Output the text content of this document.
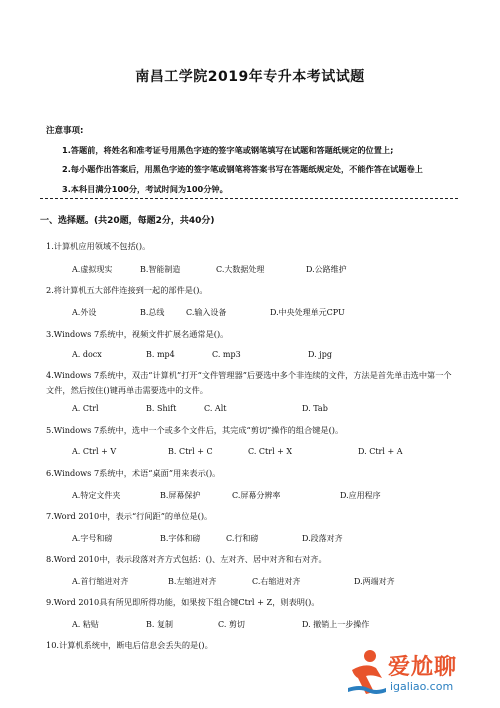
南昌工学院2019年专升本考试试题
注意事项:
1.答题前，将姓名和准考证号用黑色字迹的签字笔或钢笔填写在试题和答题纸规定的位置上;
2.每小题作出答案后，用黑色字迹的签字笔或钢笔将答案书写在答题纸规定处，不能作答在试题卷上
3.本科目满分100分，考试时间为100分钟。
一、选择题。(共20题，每题2分，共40分)
1.计算机应用领域不包括()。
A.虚拟现实	B.智能制造	C.大数据处理	D.公路维护
2.将计算机五大部件连接到一起的部件是()。
A.外设	B.总线	C.输入设备	D.中央处理单元CPU
3.Windows 7系统中，视频文件扩展名通常是()。
A. docx	B. mp4	C. mp3	D. jpg
4.Windows 7系统中，双击“计算机”打开“文件管理器”后要选中多个非连续的文件，方法是首先单击选中第一个文件，然后按住()键再单击需要选中的文件。
A. Ctrl	B. Shift	C. Alt	D. Tab
5.Windows 7系统中，选中一个或多个文件后，其完成“剪切”操作的组合键是()。
A. Ctrl + V	B. Ctrl + C	C. Ctrl + X	D. Ctrl + A
6.Windows 7系统中，术语“桌面”用来表示()。
A.特定文件夹	B.屏幕保护	C.屏幕分辨率	D.应用程序
7.Word 2010中，表示“行间距”的单位是()。
A.字号和磅	B.字体和磅	C.行和磅	D.段落对齐
8.Word 2010中，表示段落对齐方式包括：()、左对齐、居中对齐和右对齐。
A.首行缩进对齐	B.左缩进对齐	C.右缩进对齐	D.两端对齐
9.Word 2010具有所见即所得功能，如果按下组合键Ctrl + Z，则表明()。
A. 粘贴	B. 复制	C. 剪切	D. 撤销上一步操作
10.计算机系统中，断电后信息会丢失的是()。
爱尬聊
igaliao.com
